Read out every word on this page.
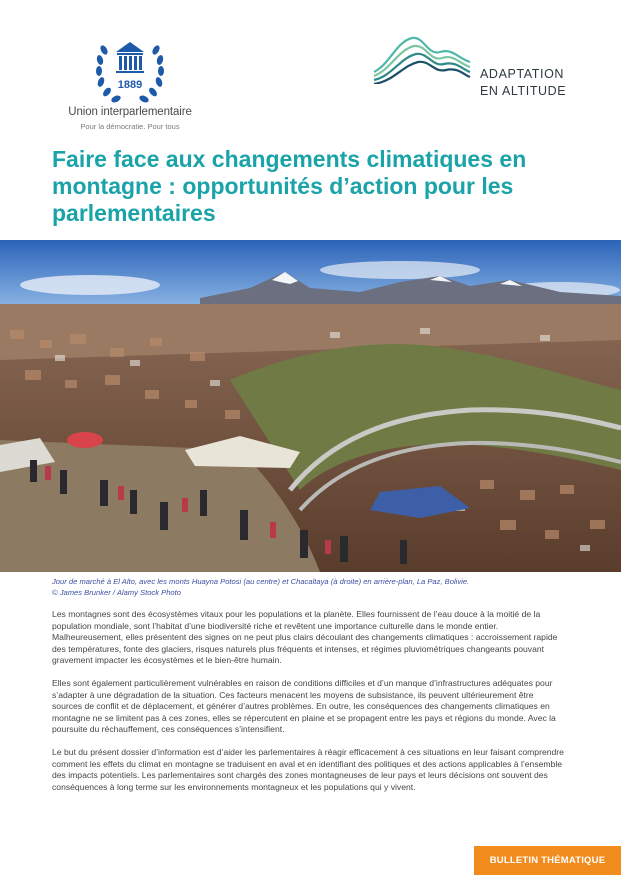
1889
Union interparlementaire
Pour la démocratie. Pour tous
ADAPTATION
EN ALTITUDE
Faire face aux changements climatiques en montagne : opportunités d’action pour les parlementaires
Jour de marché à El Alto, avec les monts Huayna Potosi (au centre) et Chacaltaya (à droite) en arrière-plan, La Paz, Bolivie.
© James Brunker / Alamy Stock Photo

Les montagnes sont des écosystèmes vitaux pour les populations et la planète. Elles fournissent de l’eau douce à la moitié de la population mondiale, sont l’habitat d’une biodiversité riche et revêtent une importance culturelle dans le monde entier. Malheureusement, elles présentent des signes on ne peut plus clairs découlant des changements climatiques : accroissement rapide des températures, fonte des glaciers, risques naturels plus fréquents et intenses, et régimes pluviométriques changeants pouvant gravement impacter les écosystèmes et le bien-être humain.

Elles sont également particulièrement vulnérables en raison de conditions difficiles et d’un manque d’infrastructures adéquates pour s’adapter à une dégradation de la situation. Ces facteurs menacent les moyens de subsistance, ils peuvent ultérieurement être sources de conflit et de déplacement, et générer d’autres problèmes. En outre, les conséquences des changements climatiques en montagne ne se limitent pas à ces zones, elles se répercutent en plaine et se propagent entre les pays et régions du monde. Avec la poursuite du réchauffement, ces conséquences s’intensifient.

Le but du présent dossier d’information est d’aider les parlementaires à réagir efficacement à ces situations en leur faisant comprendre comment les effets du climat en montagne se traduisent en aval et en identifiant des politiques et des actions applicables à l’ensemble des impacts potentiels. Les parlementaires sont chargés des zones montagneuses de leur pays et leurs décisions ont souvent des conséquences à long terme sur les environnements montagneux et les populations qui y vivent.

BULLETIN THÉMATIQUE
